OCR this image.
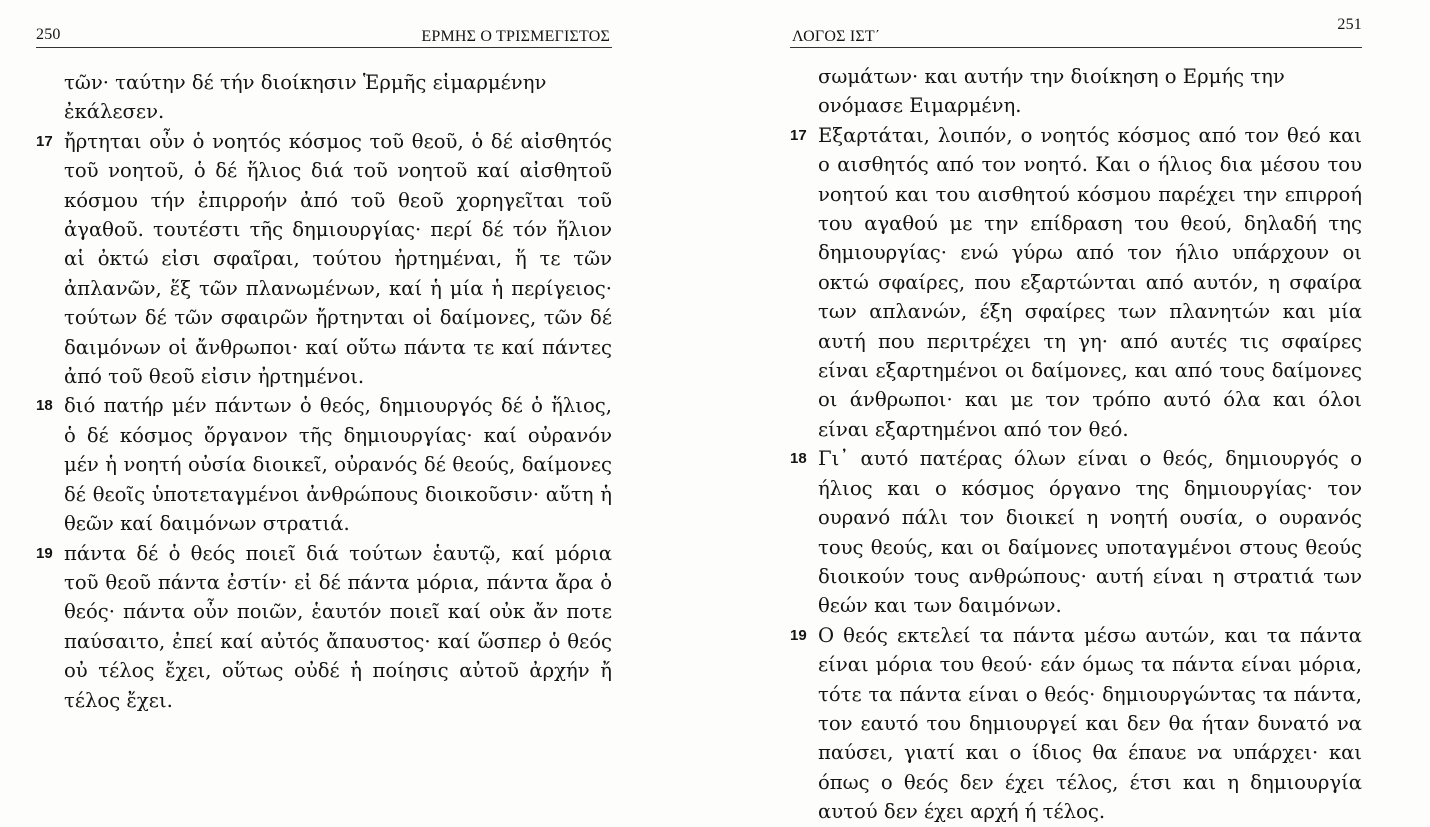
250	ΕΡΜΗΣ Ο ΤΡΙΣΜΕΓΙΣΤΟΣ
τῶν· ταύτην δέ τήν διοίκησιν Ἑρμῆς εἱμαρμένην ἐκάλεσεν.
17 ἤρτηται οὖν ὁ νοητός κόσμος τοῦ θεοῦ, ὁ δέ αἰσθητός τοῦ νοητοῦ, ὁ δέ ἥλιος διά τοῦ νοητοῦ καί αἰσθητοῦ κόσμου τήν ἐπιρροήν ἀπό τοῦ θεοῦ χορηγεῖται τοῦ ἀγαθοῦ. τουτέστι τῆς δημιουργίας· περί δέ τόν ἥλιον αἱ ὀκτώ εἰσι σφαῖραι, τούτου ἠρτημέναι, ἥ τε τῶν ἀπλανῶν, ἕξ τῶν πλανωμένων, καί ἡ μία ἡ περίγειος· τούτων δέ τῶν σφαιρῶν ἤρτηνται οἱ δαίμονες, τῶν δέ δαιμόνων οἱ ἄνθρωποι· καί οὕτω πάντα τε καί πάντες ἀπό τοῦ θεοῦ εἰσιν ἠρτημένοι.
18 διό πατήρ μέν πάντων ὁ θεός, δημιουργός δέ ὁ ἥλιος, ὁ δέ κόσμος ὄργανον τῆς δημιουργίας· καί οὐρανόν μέν ἡ νοητή οὐσία διοικεῖ, οὐρανός δέ θεούς, δαίμονες δέ θεοῖς ὑποτεταγμένοι ἀνθρώπους διοικοῦσιν· αὕτη ἡ θεῶν καί δαιμόνων στρατιά.
19 πάντα δέ ὁ θεός ποιεῖ διά τούτων ἑαυτῷ, καί μόρια τοῦ θεοῦ πάντα ἐστίν· εἰ δέ πάντα μόρια, πάντα ἄρα ὁ θεός· πάντα οὖν ποιῶν, ἑαυτόν ποιεῖ καί οὐκ ἄν ποτε παύσαιτο, ἐπεί καί αὐτός ἄπαυστος· καί ὥσπερ ὁ θεός οὐ τέλος ἔχει, οὕτως οὐδέ ἡ ποίησις αὐτοῦ ἀρχήν ἤ τέλος ἔχει.
ΛΟΓΟΣ ΙΣΤ΄
251
σωμάτων· και αυτήν την διοίκηση ο Ερμής την ονόμασε Ειμαρμένη.
17 Εξαρτάται, λοιπόν, ο νοητός κόσμος από τον θεό και ο αισθητός από τον νοητό. Και ο ήλιος δια μέσου του νοητού και του αισθητού κόσμου παρέχει την επιρροή του αγαθού με την επίδραση του θεού, δηλαδή της δημιουργίας· ενώ γύρω από τον ήλιο υπάρχουν οι οκτώ σφαίρες, που εξαρτώνται από αυτόν, η σφαίρα των απλανών, έξη σφαίρες των πλανητών και μία αυτή που περιτρέχει τη γη· από αυτές τις σφαίρες είναι εξαρτημένοι οι δαίμονες, και από τους δαίμονες οι άνθρωποι· και με τον τρόπο αυτό όλα και όλοι είναι εξαρτημένοι από τον θεό.
18 Γι᾽ αυτό πατέρας όλων είναι ο θεός, δημιουργός ο ήλιος και ο κόσμος όργανο της δημιουργίας· τον ουρανό πάλι τον διοικεί η νοητή ουσία, ο ουρανός τους θεούς, και οι δαίμονες υποταγμένοι στους θεούς διοικούν τους ανθρώπους· αυτή είναι η στρατιά των θεών και των δαιμόνων.
19 Ο θεός εκτελεί τα πάντα μέσω αυτών, και τα πάντα είναι μόρια του θεού· εάν όμως τα πάντα είναι μόρια, τότε τα πάντα είναι ο θεός· δημιουργώντας τα πάντα, τον εαυτό του δημιουργεί και δεν θα ήταν δυνατό να παύσει, γιατί και ο ίδιος θα έπαυε να υπάρχει· και όπως ο θεός δεν έχει τέλος, έτσι και η δημιουργία αυτού δεν έχει αρχή ή τέλος.
